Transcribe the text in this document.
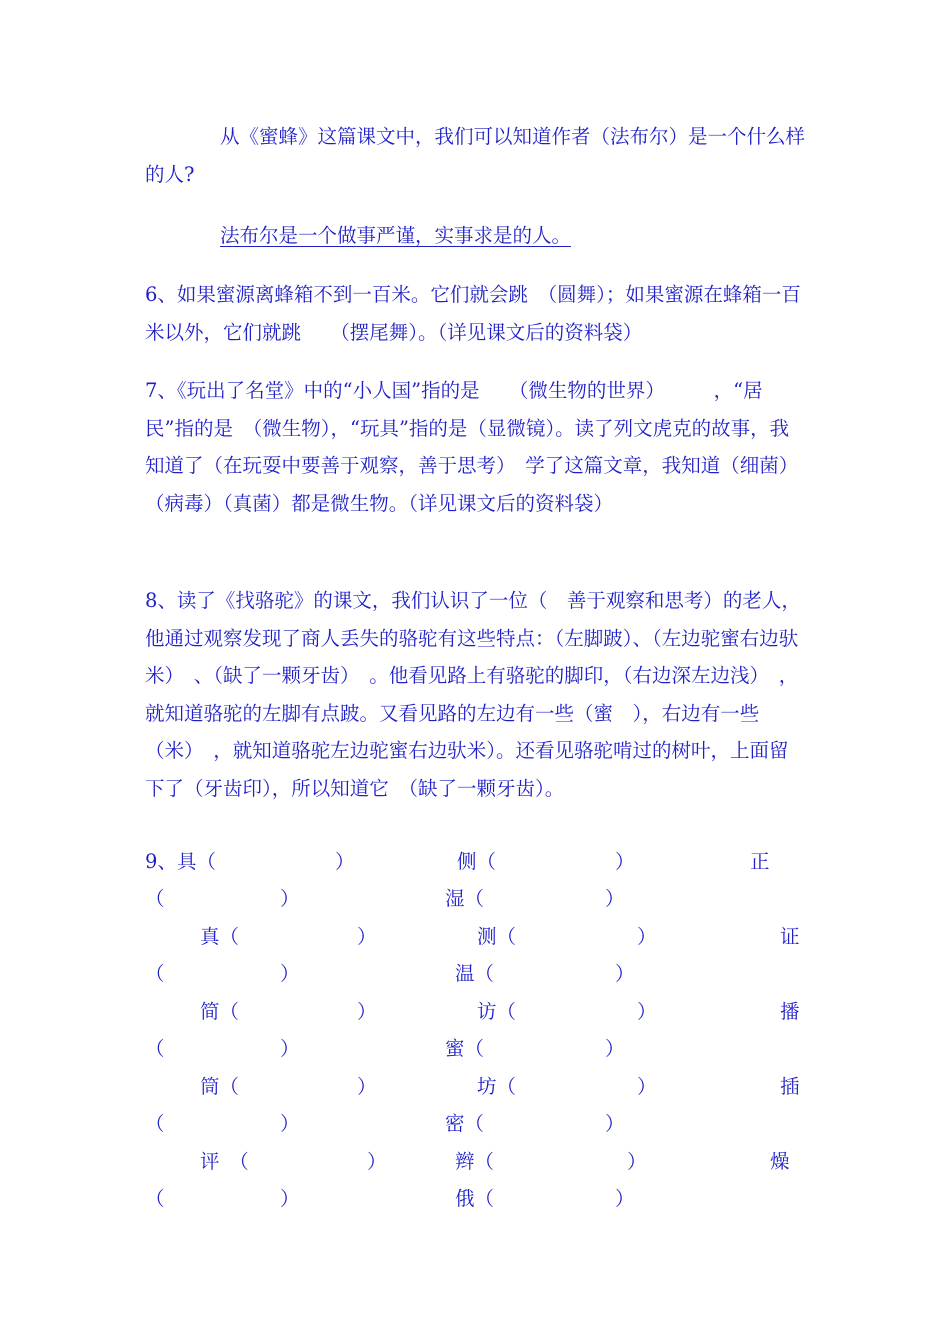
从《蜜蜂》这篇课文中，我们可以知道作者（法布尔）是一个什么样的人?

法布尔是一个做事严谨，实事求是的人。

6、如果蜜源离蜂箱不到一百米。它们就会跳　（圆舞）；如果蜜源在蜂箱一百米以外，它们就跳　　（摆尾舞）。（详见课文后的资料袋）

7、《玩出了名堂》中的“小人国”指的是　　（微生物的世界）　　　，“居民”指的是　（微生物），“玩具”指的是（显微镜）。读了列文虎克的故事，我知道了（在玩耍中要善于观察，善于思考）　学了这篇文章，我知道（细菌）（病毒）（真菌）都是微生物。（详见课文后的资料袋）

8、读了《找骆驼》的课文，我们认识了一位（　善于观察和思考）的老人，他通过观察发现了商人丢失的骆驼有这些特点：（左脚跛）、（左边驼蜜右边驮米）　、（缺了一颗牙齿）　。他看见路上有骆驼的脚印，（右边深左边浅）　，就知道骆驼的左脚有点跛。又看见路的左边有一些（蜜　），右边有一些　（米）　，就知道骆驼左边驼蜜右边驮米）。还看见骆驼啃过的树叶，上面留下了（牙齿印），所以知道它　（缺了一颗牙齿）。

9、 具（	）	侧（	）	正
（	）	湿（	）
真（	）	测（	）	证
（	）	温（	）
简（	）	访（	）	播
（	）	蜜（	）
筒（	）	坊（	）	插
（	）	密（	）
评　（	）	辫（	）	燥
（	）	俄（	）
